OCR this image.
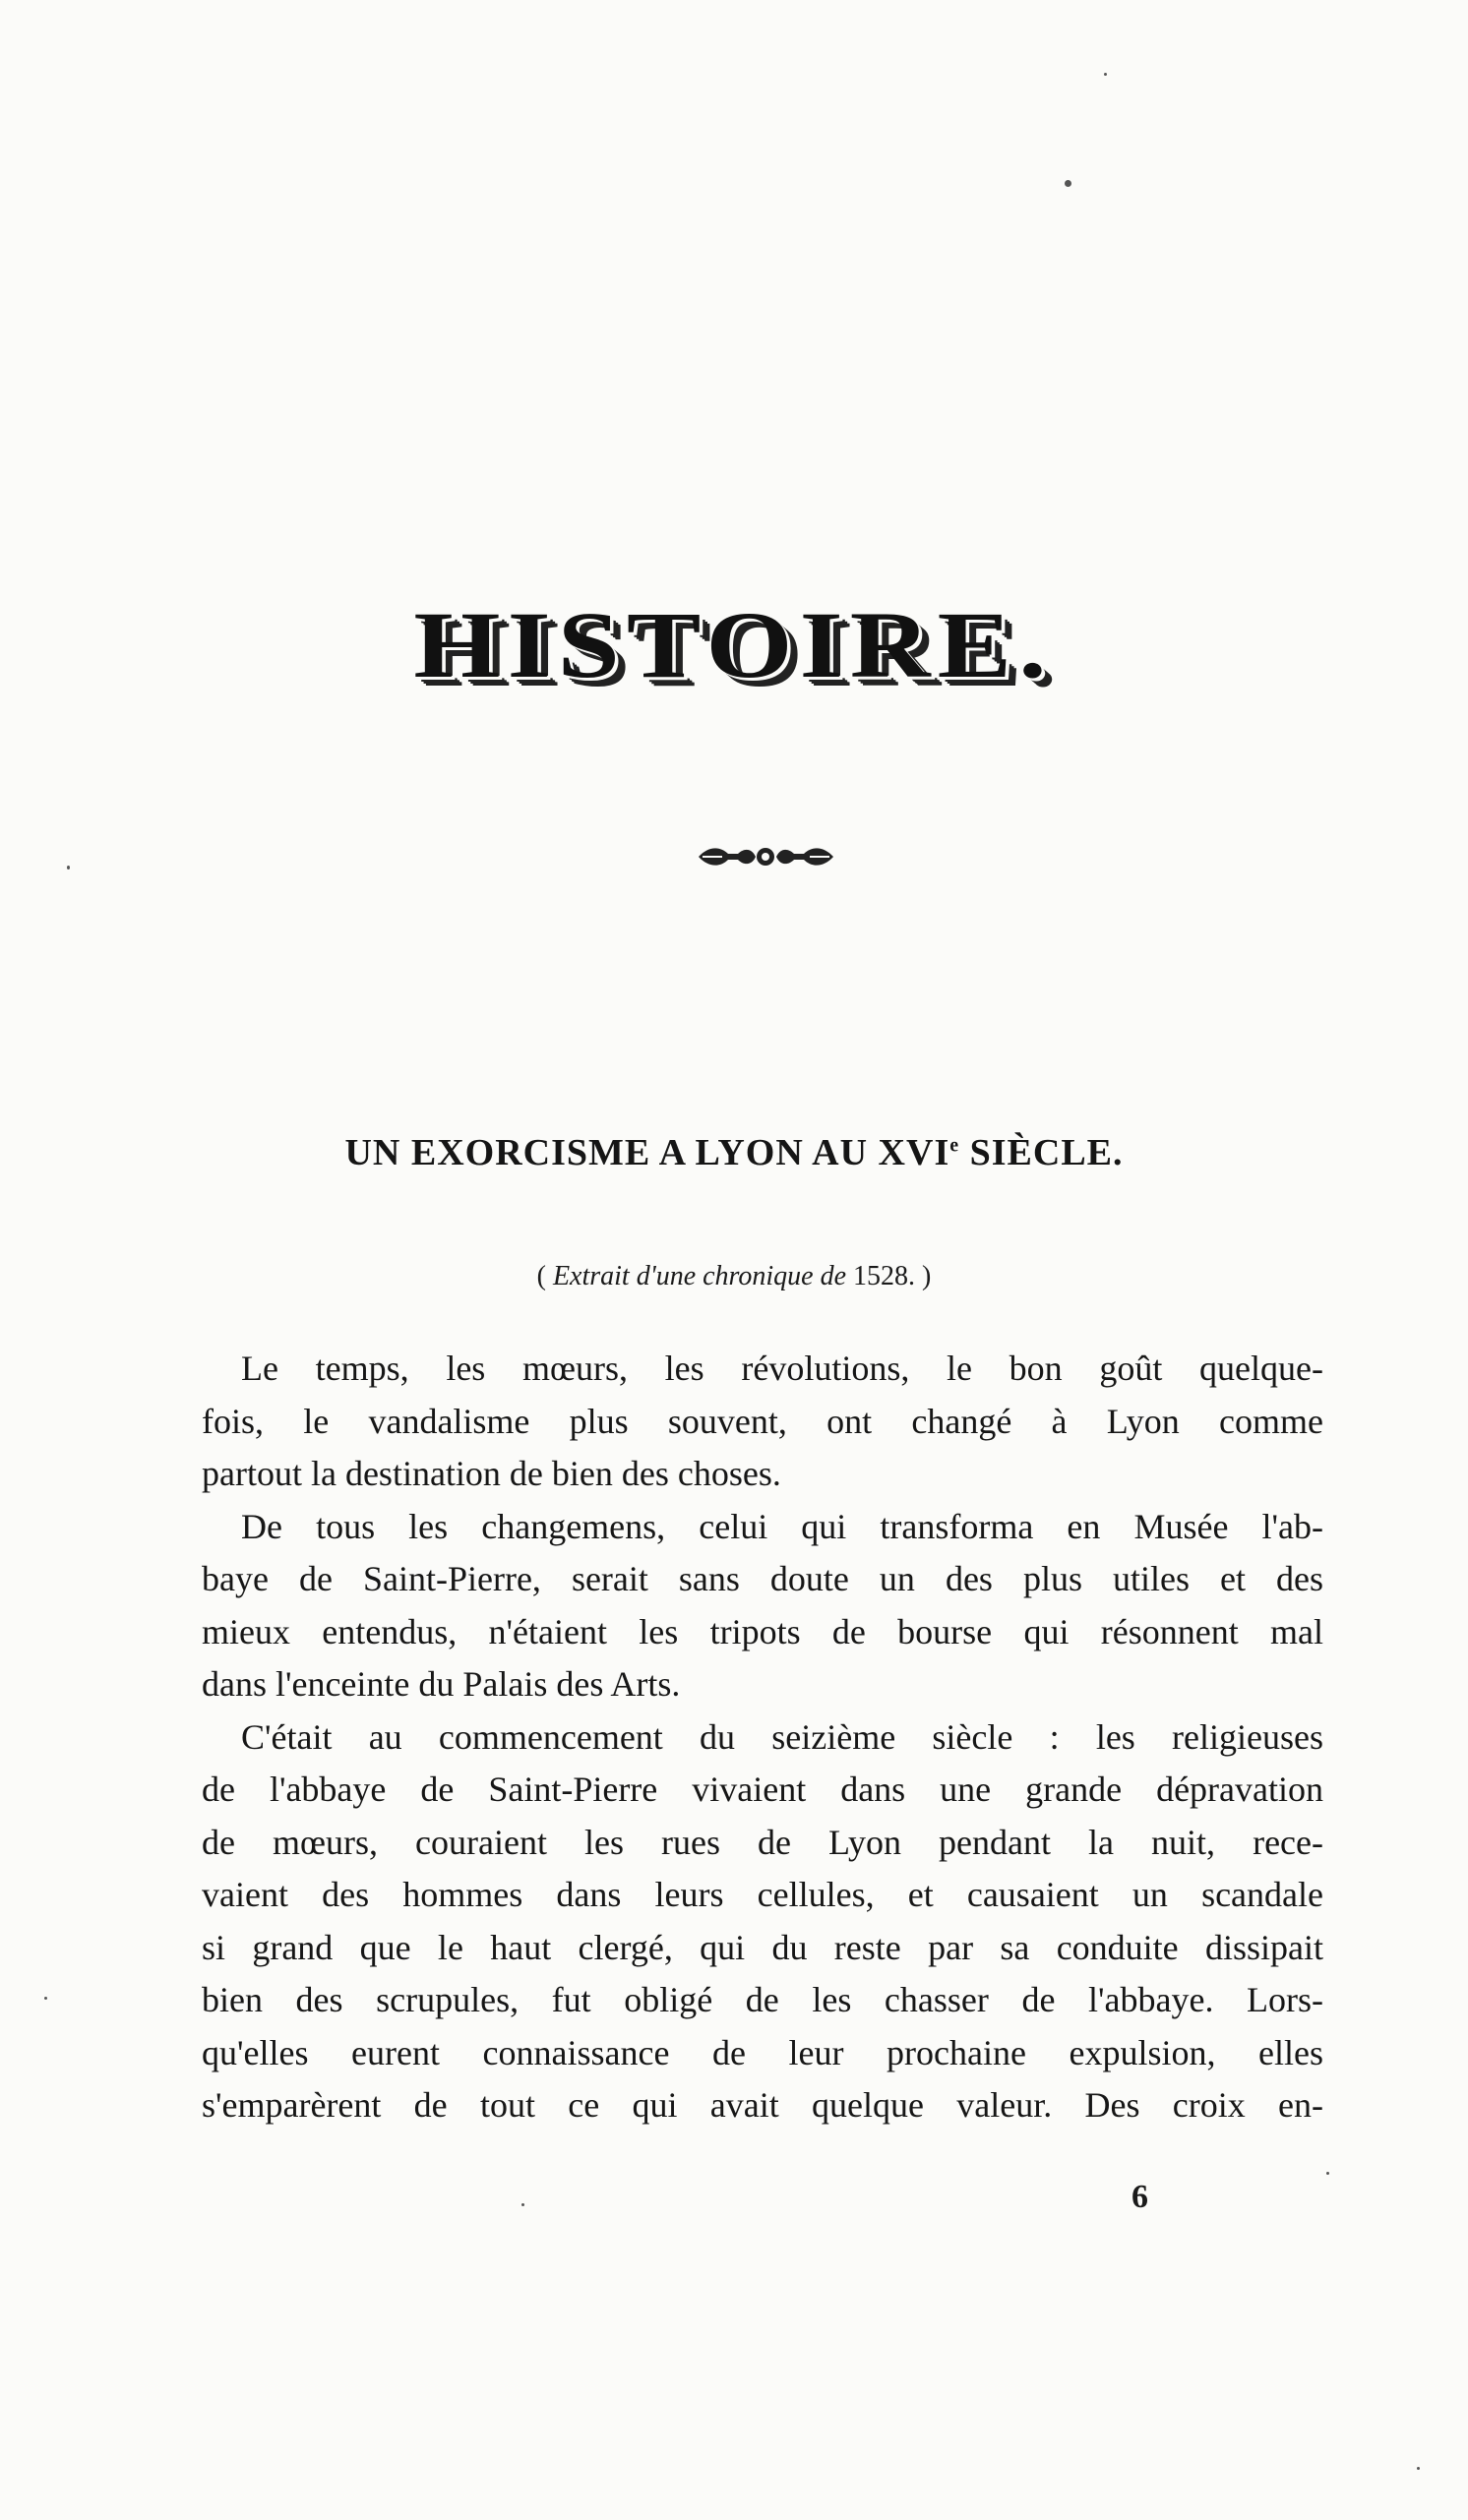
HISTOIRE.
UN EXORCISME A LYON AU XVIe SIÈCLE.
( Extrait d'une chronique de 1528. )
Le temps, les mœurs, les révolutions, le bon goût quelque-
fois, le vandalisme plus souvent, ont changé à Lyon comme
partout la destination de bien des choses.
De tous les changemens, celui qui transforma en Musée l'ab-
baye de Saint-Pierre, serait sans doute un des plus utiles et des
mieux entendus, n'étaient les tripots de bourse qui résonnent mal
dans l'enceinte du Palais des Arts.
C'était au commencement du seizième siècle : les religieuses
de l'abbaye de Saint-Pierre vivaient dans une grande dépravation
de mœurs, couraient les rues de Lyon pendant la nuit, rece-
vaient des hommes dans leurs cellules, et causaient un scandale
si grand que le haut clergé, qui du reste par sa conduite dissipait
bien des scrupules, fut obligé de les chasser de l'abbaye. Lors-
qu'elles eurent connaissance de leur prochaine expulsion, elles
s'emparèrent de tout ce qui avait quelque valeur. Des croix en-
6
